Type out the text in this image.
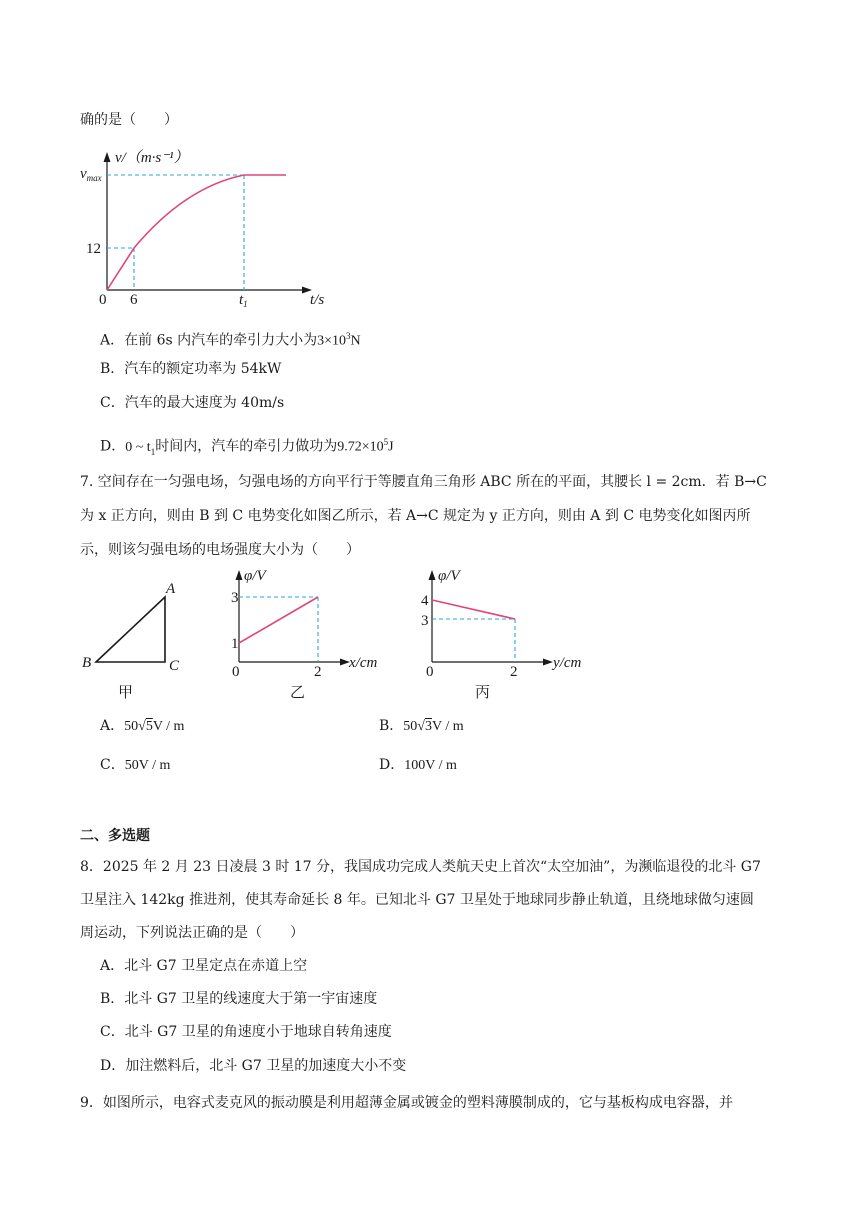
确的是（　　）
v/（m·s⁻¹）
$v_{max}$
12
0 6	$t_1$	t/s
A．在前 6s 内汽车的牵引力大小为$3\times 10^3N$
B．汽车的额定功率为 54kW
C．汽车的最大速度为 40m/s
D．0 ~ $t_1$时间内，汽车的牵引力做功为$9.72\times 10^5J$
7. 空间存在一匀强电场，匀强电场的方向平行于等腰直角三角形 ABC 所在的平面，其腰长 l = 2cm．若 B→C
为 x 正方向，则由 B 到 C 电势变化如图乙所示，若 A→C 规定为 y 正方向，则由 A 到 C 电势变化如图丙所
示，则该匀强电场的电场强度大小为（　　）
A
B	C
甲
φ/V
3
1
0	2
x/cm
乙
φ/V
4
3
0	2
y/cm
丙
A．50√5V / m	B．50√3V / m
C．50V / m	D．100V / m
二、多选题
8．2025 年 2 月 23 日凌晨 3 时 17 分，我国成功完成人类航天史上首次“太空加油”，为濒临退役的北斗 G7
卫星注入 142kg 推进剂，使其寿命延长 8 年。已知北斗 G7 卫星处于地球同步静止轨道，且绕地球做匀速圆
周运动，下列说法正确的是（　　）
A．北斗 G7 卫星定点在赤道上空
B．北斗 G7 卫星的线速度大于第一宇宙速度
C．北斗 G7 卫星的角速度小于地球自转角速度
D．加注燃料后，北斗 G7 卫星的加速度大小不变
9．如图所示，电容式麦克风的振动膜是利用超薄金属或镀金的塑料薄膜制成的，它与基板构成电容器，并
